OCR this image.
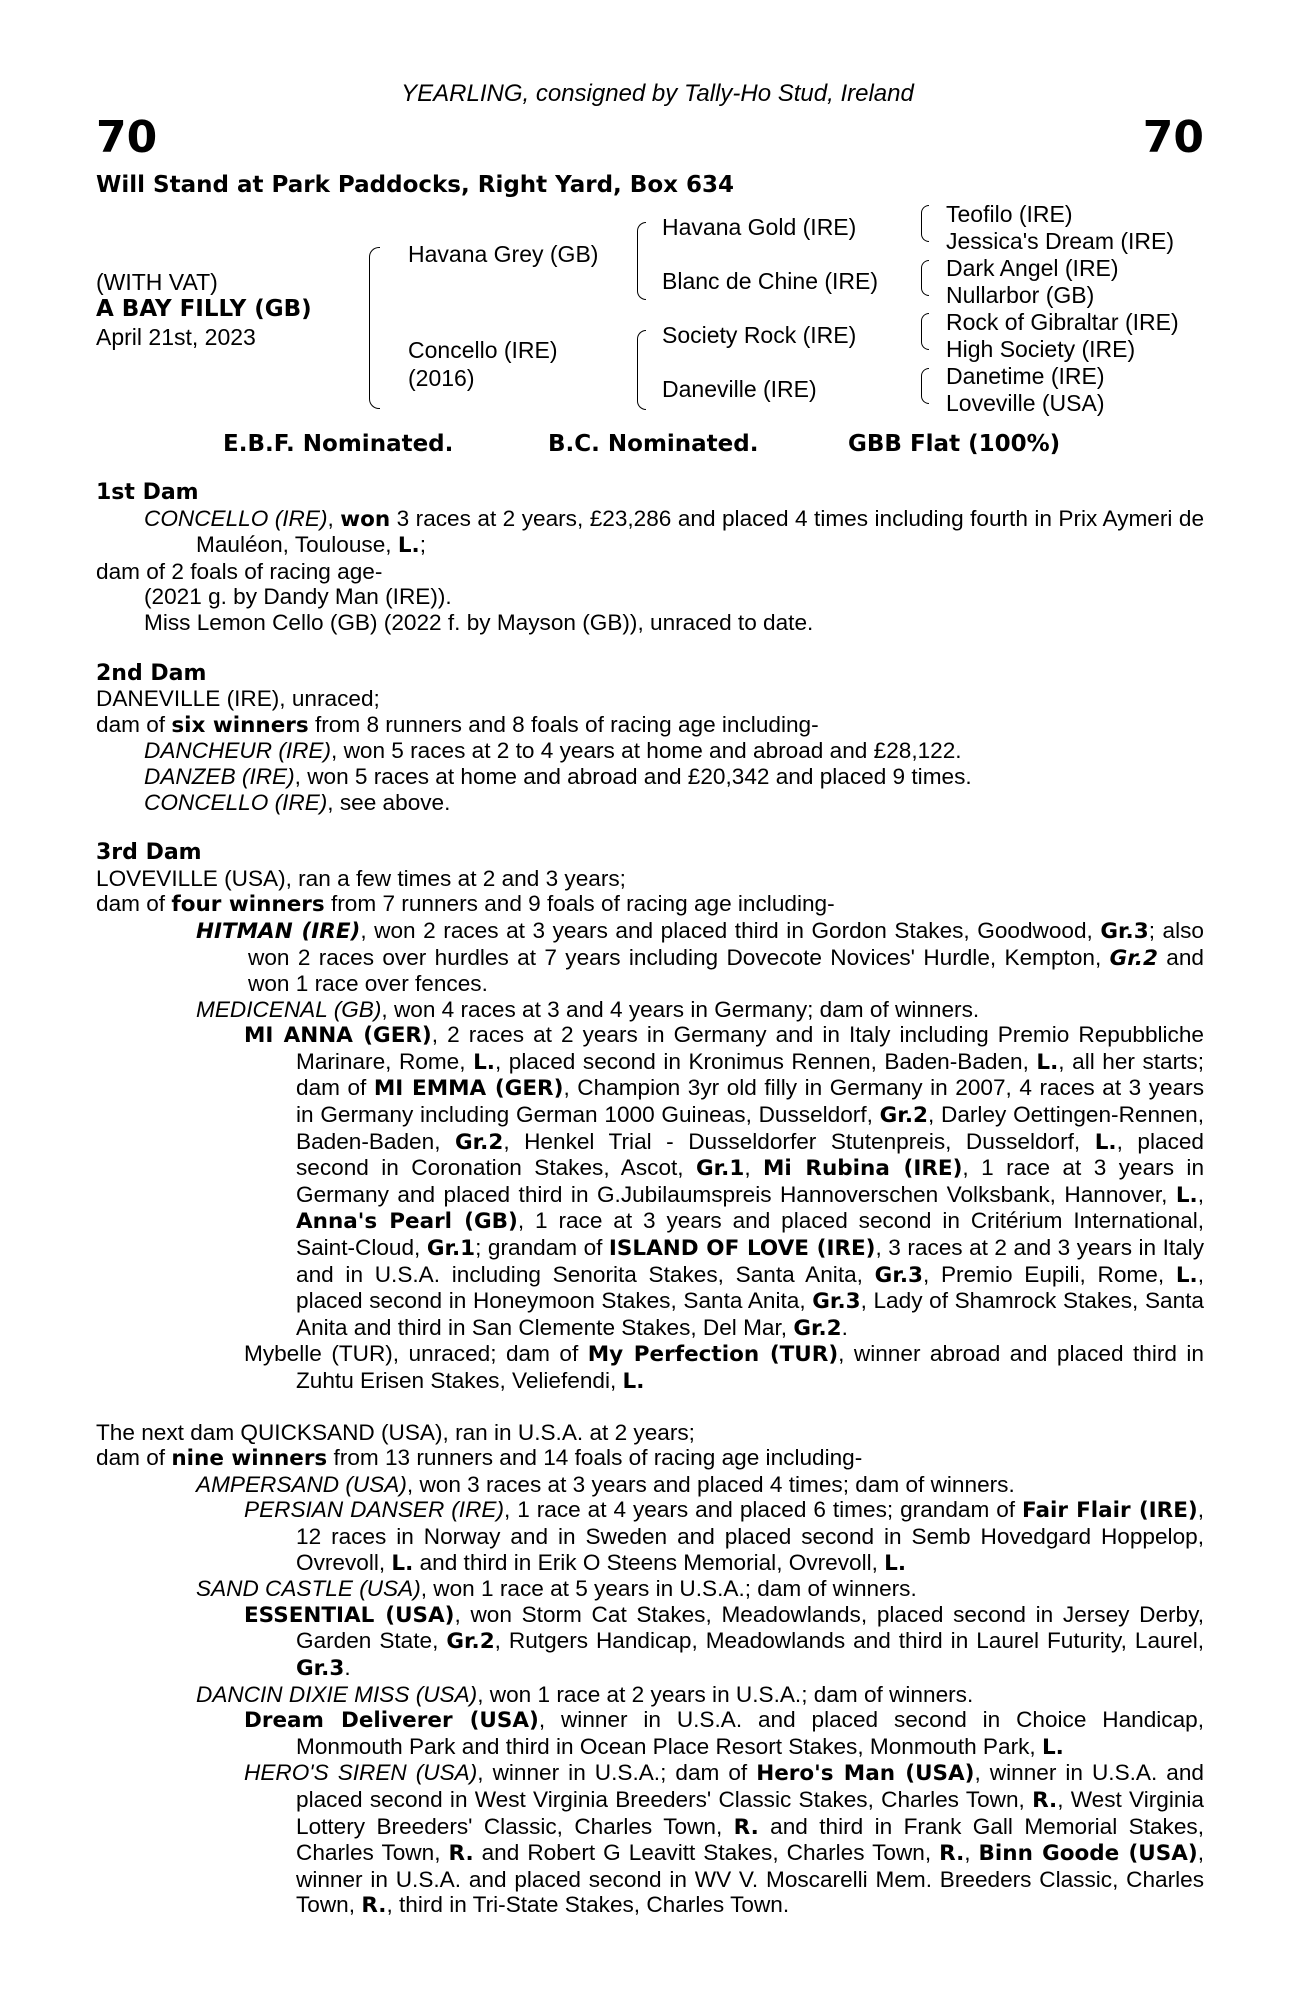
YEARLING, consigned by Tally-Ho Stud, Ireland
70	70
Will Stand at Park Paddocks, Right Yard, Box 634
(WITH VAT)
A BAY FILLY (GB)
April 21st, 2023
Havana Grey (GB)
Concello (IRE)
(2016)
Havana Gold (IRE)
Blanc de Chine (IRE)
Society Rock (IRE)
Daneville (IRE)
Teofilo (IRE)
Jessica's Dream (IRE)
Dark Angel (IRE)
Nullarbor (GB)
Rock of Gibraltar (IRE)
High Society (IRE)
Danetime (IRE)
Loveville (USA)
E.B.F. Nominated.	B.C. Nominated.	GBB Flat (100%)
1st Dam
CONCELLO (IRE), won 3 races at 2 years, £23,286 and placed 4 times including fourth in Prix Aymeri de Mauléon, Toulouse, L.;
dam of 2 foals of racing age-
(2021 g. by Dandy Man (IRE)).
Miss Lemon Cello (GB) (2022 f. by Mayson (GB)), unraced to date.
2nd Dam
DANEVILLE (IRE), unraced;
dam of six winners from 8 runners and 8 foals of racing age including-
DANCHEUR (IRE), won 5 races at 2 to 4 years at home and abroad and £28,122.
DANZEB (IRE), won 5 races at home and abroad and £20,342 and placed 9 times.
CONCELLO (IRE), see above.
3rd Dam
LOVEVILLE (USA), ran a few times at 2 and 3 years;
dam of four winners from 7 runners and 9 foals of racing age including-
HITMAN (IRE), won 2 races at 3 years and placed third in Gordon Stakes, Goodwood, Gr.3; also won 2 races over hurdles at 7 years including Dovecote Novices' Hurdle, Kempton, Gr.2 and won 1 race over fences.
MEDICENAL (GB), won 4 races at 3 and 4 years in Germany; dam of winners.
MI ANNA (GER), 2 races at 2 years in Germany and in Italy including Premio Repubbliche Marinare, Rome, L., placed second in Kronimus Rennen, Baden-Baden, L., all her starts; dam of MI EMMA (GER), Champion 3yr old filly in Germany in 2007, 4 races at 3 years in Germany including German 1000 Guineas, Dusseldorf, Gr.2, Darley Oettingen-Rennen, Baden-Baden, Gr.2, Henkel Trial - Dusseldorfer Stutenpreis, Dusseldorf, L., placed second in Coronation Stakes, Ascot, Gr.1, Mi Rubina (IRE), 1 race at 3 years in Germany and placed third in G.Jubilaumspreis Hannoverschen Volksbank, Hannover, L., Anna's Pearl (GB), 1 race at 3 years and placed second in Critérium International, Saint-Cloud, Gr.1; grandam of ISLAND OF LOVE (IRE), 3 races at 2 and 3 years in Italy and in U.S.A. including Senorita Stakes, Santa Anita, Gr.3, Premio Eupili, Rome, L., placed second in Honeymoon Stakes, Santa Anita, Gr.3, Lady of Shamrock Stakes, Santa Anita and third in San Clemente Stakes, Del Mar, Gr.2.
Mybelle (TUR), unraced; dam of My Perfection (TUR), winner abroad and placed third in Zuhtu Erisen Stakes, Veliefendi, L.
The next dam QUICKSAND (USA), ran in U.S.A. at 2 years;
dam of nine winners from 13 runners and 14 foals of racing age including-
AMPERSAND (USA), won 3 races at 3 years and placed 4 times; dam of winners.
PERSIAN DANSER (IRE), 1 race at 4 years and placed 6 times; grandam of Fair Flair (IRE), 12 races in Norway and in Sweden and placed second in Semb Hovedgard Hoppelop, Ovrevoll, L. and third in Erik O Steens Memorial, Ovrevoll, L.
SAND CASTLE (USA), won 1 race at 5 years in U.S.A.; dam of winners.
ESSENTIAL (USA), won Storm Cat Stakes, Meadowlands, placed second in Jersey Derby, Garden State, Gr.2, Rutgers Handicap, Meadowlands and third in Laurel Futurity, Laurel, Gr.3.
DANCIN DIXIE MISS (USA), won 1 race at 2 years in U.S.A.; dam of winners.
Dream Deliverer (USA), winner in U.S.A. and placed second in Choice Handicap, Monmouth Park and third in Ocean Place Resort Stakes, Monmouth Park, L.
HERO'S SIREN (USA), winner in U.S.A.; dam of Hero's Man (USA), winner in U.S.A. and placed second in West Virginia Breeders' Classic Stakes, Charles Town, R., West Virginia Lottery Breeders' Classic, Charles Town, R. and third in Frank Gall Memorial Stakes, Charles Town, R. and Robert G Leavitt Stakes, Charles Town, R., Binn Goode (USA), winner in U.S.A. and placed second in WV V. Moscarelli Mem. Breeders Classic, Charles Town, R., third in Tri-State Stakes, Charles Town.
